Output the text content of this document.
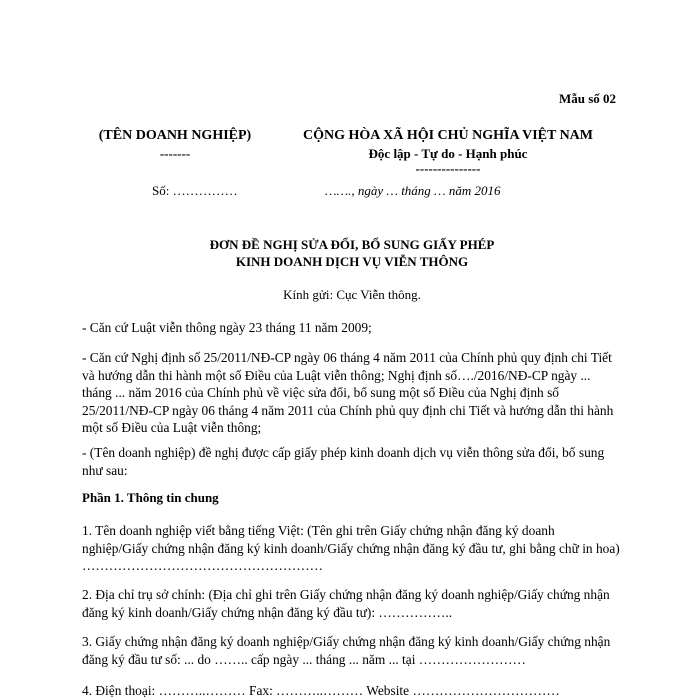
Mẫu số 02
(TÊN DOANH NGHIỆP)
-------
CỘNG HÒA XÃ HỘI CHỦ NGHĨA VIỆT NAM
Độc lập - Tự do - Hạnh phúc
---------------
Số: ……………	……., ngày … tháng … năm 2016
ĐƠN ĐỀ NGHỊ SỬA ĐỔI, BỔ SUNG GIẤY PHÉP
KINH DOANH DỊCH VỤ VIỄN THÔNG
Kính gửi: Cục Viễn thông.
- Căn cứ Luật viễn thông ngày 23 tháng 11 năm 2009;
- Căn cứ Nghị định số 25/2011/NĐ-CP ngày 06 tháng 4 năm 2011 của Chính phủ quy định chi Tiết và hướng dẫn thi hành một số Điều của Luật viễn thông; Nghị định số…./2016/NĐ-CP ngày ... tháng ... năm 2016 của Chính phủ về việc sửa đổi, bổ sung một số Điều của Nghị định số 25/2011/NĐ-CP ngày 06 tháng 4 năm 2011 của Chính phủ quy định chi Tiết và hướng dẫn thi hành một số Điều của Luật viễn thông;
- (Tên doanh nghiệp) đề nghị được cấp giấy phép kinh doanh dịch vụ viễn thông sửa đổi, bổ sung như sau:
Phần 1. Thông tin chung
1. Tên doanh nghiệp viết bằng tiếng Việt: (Tên ghi trên Giấy chứng nhận đăng ký doanh nghiệp/Giấy chứng nhận đăng ký kinh doanh/Giấy chứng nhận đăng ký đầu tư, ghi bằng chữ in hoa) ………………………………………………
2. Địa chỉ trụ sở chính: (Địa chỉ ghi trên Giấy chứng nhận đăng ký doanh nghiệp/Giấy chứng nhận đăng ký kinh doanh/Giấy chứng nhận đăng ký đầu tư): ……………..
3. Giấy chứng nhận đăng ký doanh nghiệp/Giấy chứng nhận đăng ký kinh doanh/Giấy chứng nhận đăng ký đầu tư số: ... do …….. cấp ngày ... tháng ... năm ... tại ……………………
4. Điện thoại: ………..……… Fax: ………..……… Website ……………………………
